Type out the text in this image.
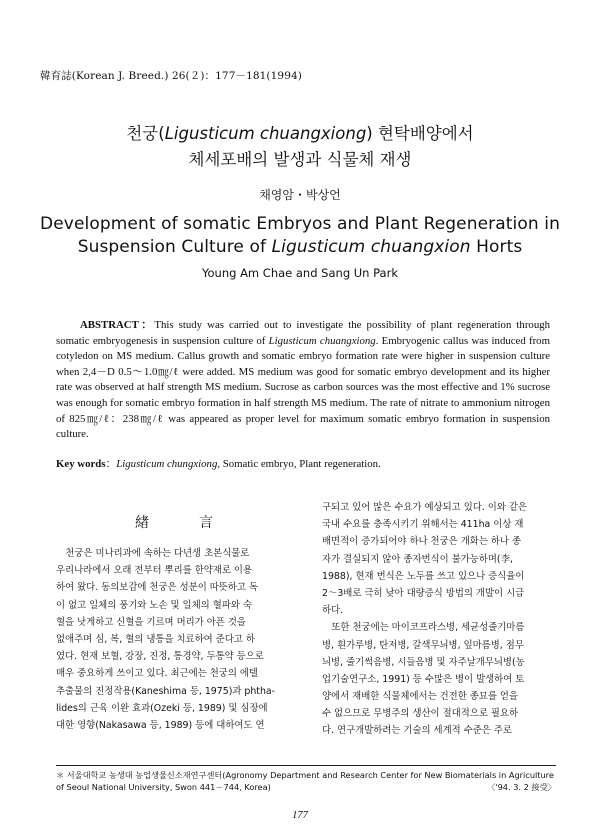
韓育誌(Korean J. Breed.) 26(２)：177－181(1994)
천궁(Ligusticum chuangxiong) 현탁배양에서
체세포배의 발생과 식물체 재생
채영암・박상언
Development of somatic Embryos and Plant Regeneration in
Suspension Culture of Ligusticum chuangxion Horts
Young Am Chae and Sang Un Park
ABSTRACT：This study was carried out to investigate the possibility of plant regeneration through somatic embryogenesis in suspension culture of Ligusticum chuangxiong. Embryogenic callus was induced from cotyledon on MS medium. Callus growth and somatic embryo formation rate were higher in suspension culture when 2,4－D 0.5～1.0㎎/ℓ were added. MS medium was good for somatic embryo development and its higher rate was observed at half strength MS medium. Sucrose as carbon sources was the most effective and 1% sucrose was enough for somatic embryo formation in half strength MS medium. The rate of nitrate to ammonium nitrogen of 825㎎/ℓ：238㎎/ℓ was appeared as proper level for maximum somatic embryo formation in suspension culture.
Key words：Ligusticum chungxiong, Somatic embryo, Plant regeneration.
緖言
　천궁은 미나리과에 속하는 다년생 초본식물로
우리나라에서 오래 전부터 뿌리를 한약재로 이용
하여 왔다. 동의보감에 천궁은 성분이 따뜻하고 독
이 없고 일체의 풍기와 노손 및 일체의 혈파와 숙
혈을 낫게하고 신혈을 기르며 머리가 아픈 것을
없애주며 심, 복, 혈의 냉통을 치료하여 준다고 하
였다. 현재 보혈, 강장, 진정, 통경약, 두통약 등으로
매우 중요하게 쓰이고 있다. 최근에는 천궁의 에텔
추출물의 진정작용(Kaneshima 등, 1975)과 phtha-
lides의 근육 이완 효과(Ozeki 등, 1989) 및 심장에
대한 영향(Nakasawa 등, 1989) 등에 대하여도 연
구되고 있어 많은 수요가 예상되고 있다. 이와 같은
국내 수요를 충족시키기 위해서는 411ha 이상 재
배면적이 증가되어야 하나 천궁은 개화는 하나 종
자가 결실되지 않아 종자번식이 불가능하며(李,
1988), 현재 번식은 노두를 쓰고 있으나 증식율이
2～3배로 극히 낮아 대량증식 방법의 개발이 시급
하다.
　또한 천궁에는 마이코프라스병, 세균성줄기마름
병, 흰가루병, 탄저병, 갈색무늬병, 잎마름병, 점무
늬병, 줄기썩음병, 시들음병 및 자주날개무늬병(농
업기술연구소, 1991) 등 수많은 병이 발생하여 토
양에서 재배한 식물체에서는 건전한 종묘를 얻을
수 없으므로 무병주의 생산이 절대적으로 필요하
다. 연구개발하려는 기술의 세계적 수준은 주로
＊ 서울대학교 농생대 농업생물신소재연구센터(Agronomy Department and Research Center for New Biomaterials in Agriculture
of Seoul National University, Swon 441－744, Korea)	〈'94. 3. 2 接受〉
177
